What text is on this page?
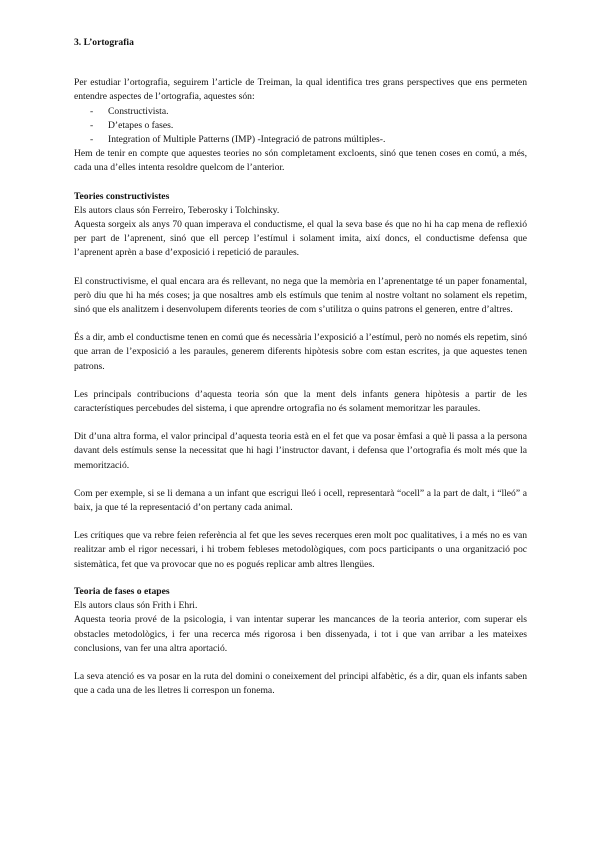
3. L’ortografia

Per estudiar l’ortografia, seguirem l’article de Treiman, la qual identifica tres grans perspectives que ens permeten entendre aspectes de l’ortografia, aquestes són:

- Constructivista.
- D’etapes o fases.
- Integration of Multiple Patterns (IMP) -Integració de patrons múltiples-.

Hem de tenir en compte que aquestes teories no són completament excloents, sinó que tenen coses en comú, a més, cada una d’elles intenta resoldre quelcom de l’anterior.

Teories constructivistes

Els autors claus són Ferreiro, Teberosky i Tolchinsky.

Aquesta sorgeix als anys 70 quan imperava el conductisme, el qual la seva base és que no hi ha cap mena de reflexió per part de l’aprenent, sinó que ell percep l’estímul i solament imita, així doncs, el conductisme defensa que l’aprenent aprèn a base d’exposició i repetició de paraules.

El constructivisme, el qual encara ara és rellevant, no nega que la memòria en l’aprenentatge té un paper fonamental, però diu que hi ha més coses; ja que nosaltres amb els estímuls que tenim al nostre voltant no solament els repetim, sinó que els analitzem i desenvolupem diferents teories de com s’utilitza o quins patrons el generen, entre d’altres.

És a dir, amb el conductisme tenen en comú que és necessària l’exposició a l’estímul, però no només els repetim, sinó que arran de l’exposició a les paraules, generem diferents hipòtesis sobre com estan escrites, ja que aquestes tenen patrons.

Les principals contribucions d’aquesta teoria són que la ment dels infants genera hipòtesis a partir de les característiques percebudes del sistema, i que aprendre ortografia no és solament memoritzar les paraules.

Dit d’una altra forma, el valor principal d’aquesta teoria està en el fet que va posar èmfasi a què li passa a la persona davant dels estímuls sense la necessitat que hi hagi l’instructor davant, i defensa que l’ortografia és molt més que la memorització.

Com per exemple, si se li demana a un infant que escrigui lleó i ocell, representarà “ocell” a la part de dalt, i “lleó” a baix, ja que té la representació d’on pertany cada animal.

Les crítiques que va rebre feien referència al fet que les seves recerques eren molt poc qualitatives, i a més no es van realitzar amb el rigor necessari, i hi trobem febleses metodològiques, com pocs participants o una organització poc sistemàtica, fet que va provocar que no es pogués replicar amb altres llengües.

Teoria de fases o etapes

Els autors claus són Frith i Ehri.

Aquesta teoria prové de la psicologia, i van intentar superar les mancances de la teoria anterior, com superar els obstacles metodològics, i fer una recerca més rigorosa i ben dissenyada, i tot i que van arribar a les mateixes conclusions, van fer una altra aportació.

La seva atenció es va posar en la ruta del domini o coneixement del principi alfabètic, és a dir, quan els infants saben que a cada una de les lletres li correspon un fonema.
